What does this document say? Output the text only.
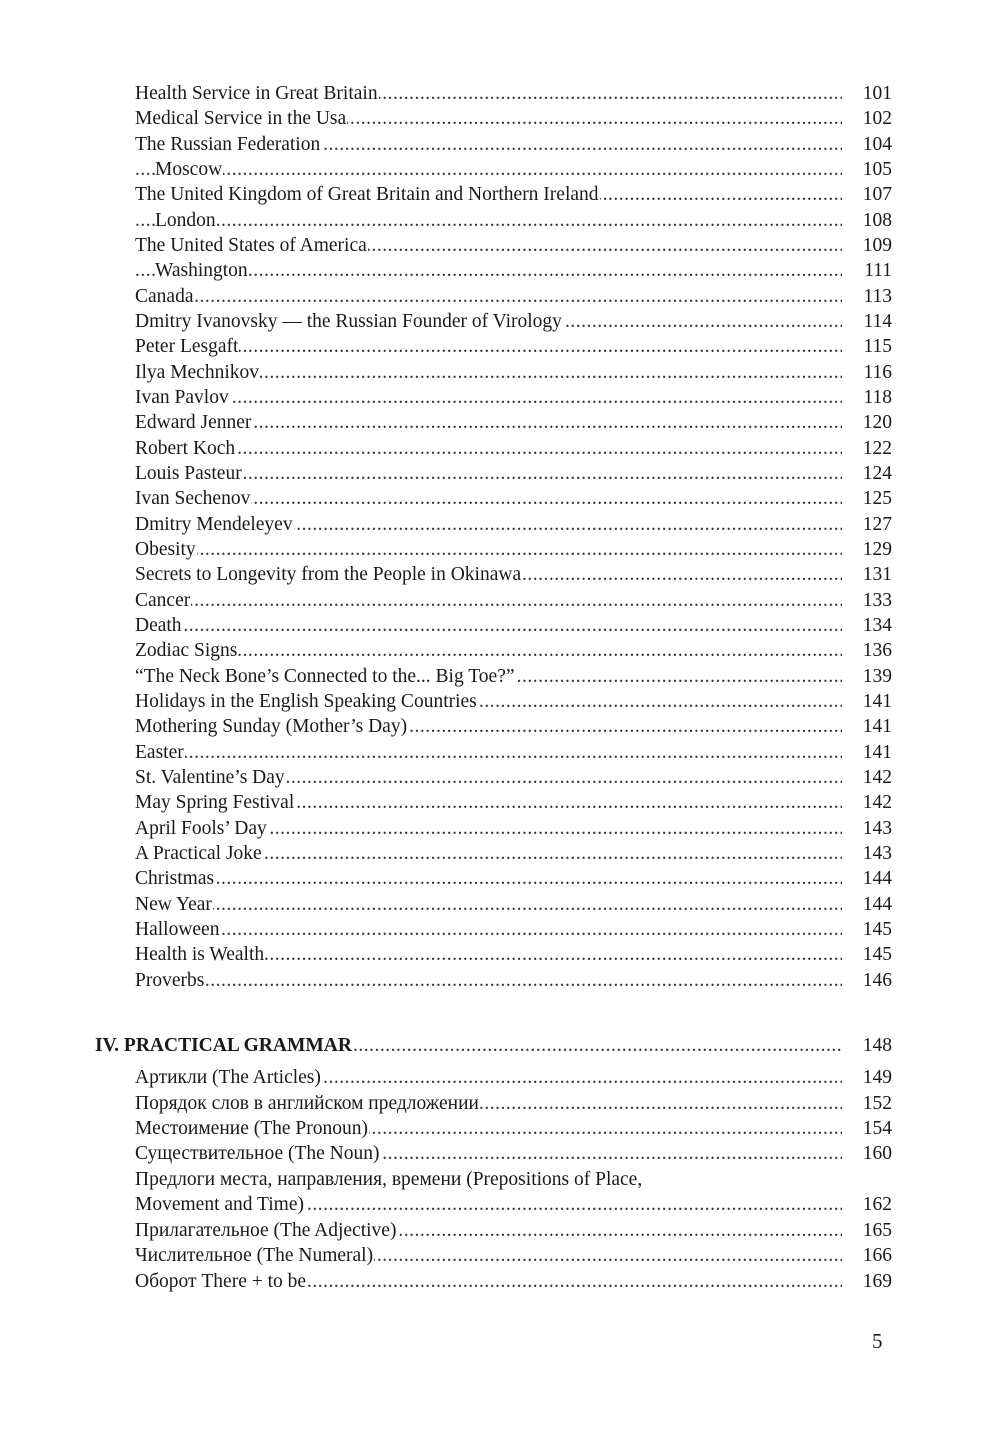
Health Service in Great Britain .....	101
Medical Service in the Usa .....	102
The Russian Federation .....	104
Moscow .....	105
The United Kingdom of Great Britain and Northern Ireland .....	107
London .....	108
The United States of America .....	109
Washington .....	111
Canada .....	113
Dmitry Ivanovsky — the Russian Founder of Virology .....	114
Peter Lesgaft .....	115
Ilya Mechnikov .....	116
Ivan Pavlov .....	118
Edward Jenner .....	120
Robert Koch .....	122
Louis Pasteur .....	124
Ivan Sechenov .....	125
Dmitry Mendeleyev .....	127
Obesity .....	129
Secrets to Longevity from the People in Okinawa .....	131
Cancer .....	133
Death .....	134
Zodiac Signs .....	136
“The Neck Bone’s Connected to the... Big Toe?” .....	139
Holidays in the English Speaking Countries .....	141
Mothering Sunday (Mother’s Day) .....	141
Easter .....	141
St. Valentine’s Day .....	142
May Spring Festival .....	142
April Fools’ Day .....	143
A Practical Joke .....	143
Christmas .....	144
New Year .....	144
Halloween .....	145
Health is Wealth .....	145
Proverbs .....	146
IV. PRACTICAL GRAMMAR .....	148
Артикли (The Articles) .....	149
Порядок слов в английском предложении .....	152
Местоимение (The Pronoun) .....	154
Существительное (The Noun) .....	160
Предлоги места, направления, времени (Prepositions of Place,
Movement and Time) .....	162
Прилагательное (The Adjective) .....	165
Числительное (The Numeral) .....	166
Оборот There + to be .....	169
5
